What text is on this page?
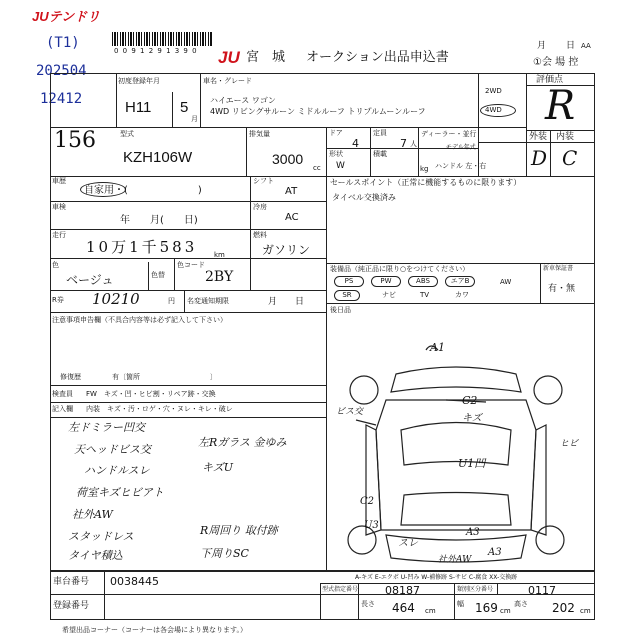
JUテンドリ
(T1)
202504
12412
0 0 9 1 2 9 1 3 9 0 JU 宮　城 オークション出品申込書
月 日 AA
①会 場 控
初度登録年月
H11 5
月
車名・グレード
ハイエース ワゴン
4WD リビングサルーン ミドルルーフ トリプルムーンルーフ
2WD
4WD
評価点
R
外装 内装
D C
156	型式
KZH106W
排気量
3000
cc
ドア
4
定員
7 人
形状
W
積載
kg
ディーラー・並行
モデル年式
ハンドル 左・右
車歴
自家用・(　　　　　　　)
シフト
AT
車検
年　　月(　　日)
冷房
AC
走行
10万1千583 km
燃料
ガソリン
色
ベージュ	色替
色コード
2BY
R券 10210	円 名変通知期限	月　　日
セールスポイント（正常に機能するものに限ります）
タイベル交換済み
装備品（純正品に限り○をつけてください）	新車保証書
有・無
PS	PW	ABS	エアB	AW
SR	ナビ	TV	カワ
後日品
注意事項申告欄（不具合内容等は必ず記入して下さい）
修復歴	有〔箇所　　　　　　　　　　〕
検査員
記入欄
FW　キズ・凹・ヒビ割・リペア跡・交換
内装　キズ・汚・ロゲ・穴・ヌレ・キレ・破レ
左ドミラー凹交
天ヘッドビス交
ハンドルスレ
荷室キズヒビアト
社外AW
スタッドレス
タイヤ積込
左Rガラス 金ゆみ
キズU
R周回り 取付跡
下周りSC
A1
C2
キズ
U1凹
ビス交
C2
U3
A3
スレ
A3
社外AW
ヒビ
A-キズ E-エクボ U-凹み W-補修跡 S-サビ C-腐食 XX-交換跡
車台番号 0038445
登録番号
型式指定番号 08187	類別区分番号	0117
長さ 464 cm
幅 169 cm
高さ 202 cm
希望出品コーナー（コーナーは各会場により異なります。）
